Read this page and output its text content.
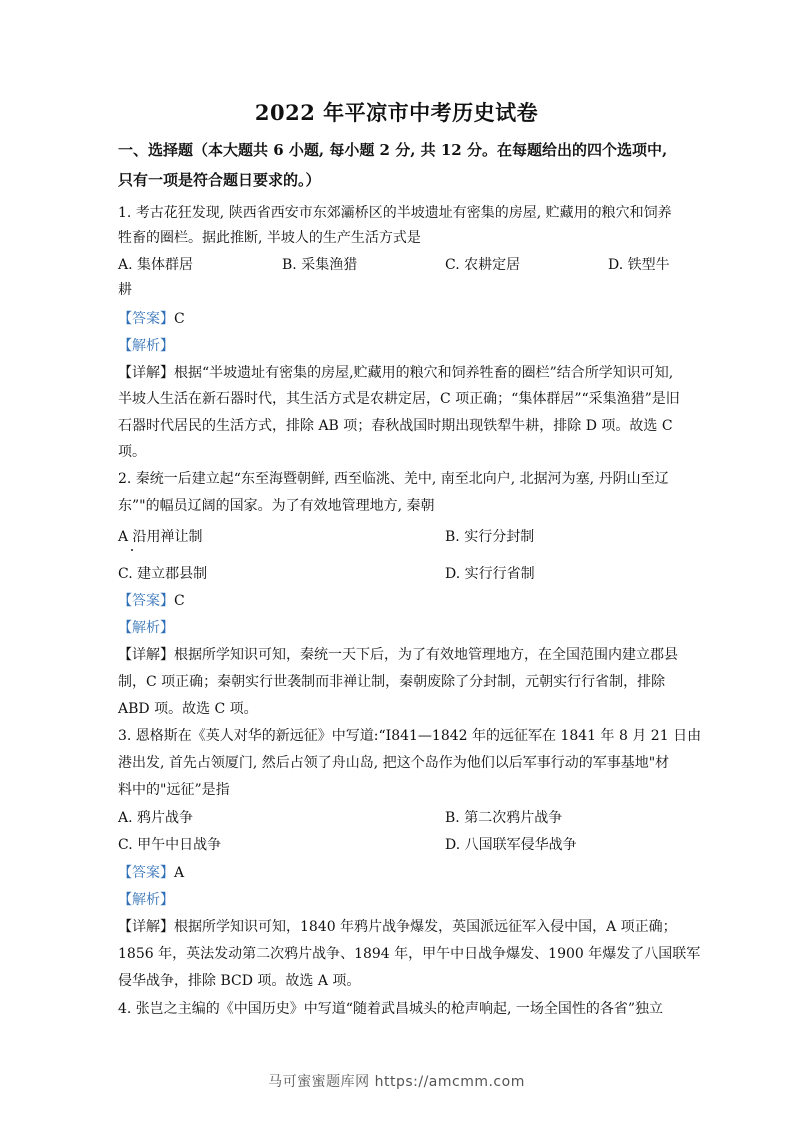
2022 年平凉市中考历史试卷
一、选择题（本大题共 6 小题, 每小题 2 分, 共 12 分。在每题给出的四个选项中,
只有一项是符合题日要求的。）
1. 考古花狂发现, 陕西省西安市东郊灞桥区的半坡遗址有密集的房屋, 贮藏用的粮穴和饲养
牲畜的圈栏。据此推断, 半坡人的生产生活方式是
A. 集体群居	B. 采集渔猎	C. 农耕定居	D. 铁型牛
耕
【答案】C
【解析】
【详解】根据“半坡遗址有密集的房屋,贮藏用的粮穴和饲养牲畜的圈栏”结合所学知识可知,
半坡人生活在新石器时代，其生活方式是农耕定居，C 项正确；“集体群居”“采集渔猎”是旧
石器时代居民的生活方式，排除 AB 项；春秋战国时期出现铁犁牛耕，排除 D 项。故选 C
项。
2. 秦统一后建立起“东至海暨朝鲜, 西至临洮、羌中, 南至北向户, 北据河为塞, 丹阴山至辽
东”"的幅员辽阔的国家。为了有效地管理地方, 秦朝
A 沿用禅让制	B. 实行分封制
C. 建立郡县制	D. 实行行省制
【答案】C
【解析】
【详解】根据所学知识可知，秦统一天下后，为了有效地管理地方，在全国范围内建立郡县
制，C 项正确；秦朝实行世袭制而非禅让制，秦朝废除了分封制，元朝实行行省制，排除
ABD 项。故选 C 项。
3. 恩格斯在《英人对华的新远征》中写道:“I841—1842 年的远征军在 1841 年 8 月 21 日由
港出发, 首先占领厦门, 然后占领了舟山岛, 把这个岛作为他们以后军事行动的军事基地"材
料中的"远征”是指
A. 鸦片战争	B. 第二次鸦片战争
C. 甲午中日战争	D. 八国联军侵华战争
【答案】A
【解析】
【详解】根据所学知识可知，1840 年鸦片战争爆发，英国派远征军入侵中国，A 项正确；
1856 年，英法发动第二次鸦片战争、1894 年，甲午中日战争爆发、1900 年爆发了八国联军
侵华战争，排除 BCD 项。故选 A 项。
4. 张岂之主编的《中国历史》中写道“随着武昌城头的枪声响起, 一场全国性的各省”独立
马可蜜蜜题库网 https://amcmm.com
